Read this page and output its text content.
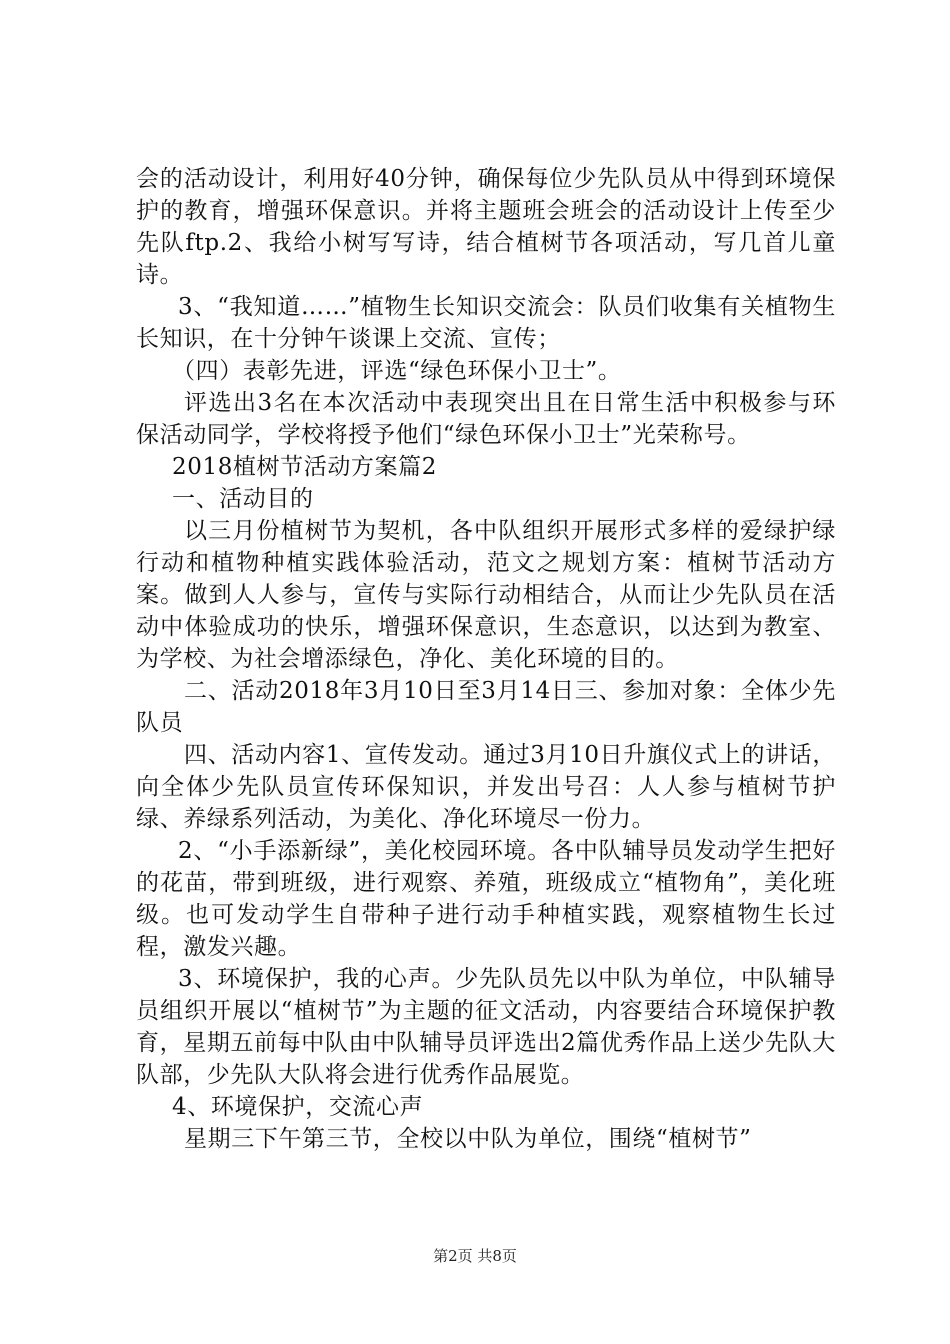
会的活动设计，利用好40分钟，确保每位少先队员从中得到环境保护的教育，增强环保意识。并将主题班会班会的活动设计上传至少先队ftp.2、我给小树写写诗，结合植树节各项活动，写几首儿童诗。

3、“我知道……”植物生长知识交流会：队员们收集有关植物生长知识，在十分钟午谈课上交流、宣传；

（四）表彰先进，评选“绿色环保小卫士”。

评选出3名在本次活动中表现突出且在日常生活中积极参与环保活动同学，学校将授予他们“绿色环保小卫士”光荣称号。

2018植树节活动方案篇2

一、活动目的

以三月份植树节为契机，各中队组织开展形式多样的爱绿护绿行动和植物种植实践体验活动，范文之规划方案：植树节活动方案。做到人人参与，宣传与实际行动相结合，从而让少先队员在活动中体验成功的快乐，增强环保意识，生态意识，以达到为教室、为学校、为社会增添绿色，净化、美化环境的目的。

二、活动2018年3月10日至3月14日三、参加对象：全体少先队员

四、活动内容1、宣传发动。通过3月10日升旗仪式上的讲话，向全体少先队员宣传环保知识，并发出号召：人人参与植树节护绿、养绿系列活动，为美化、净化环境尽一份力。

2、“小手添新绿”，美化校园环境。各中队辅导员发动学生把好的花苗，带到班级，进行观察、养殖，班级成立“植物角”，美化班级。也可发动学生自带种子进行动手种植实践，观察植物生长过程，激发兴趣。

3、环境保护，我的心声。少先队员先以中队为单位，中队辅导员组织开展以“植树节”为主题的征文活动，内容要结合环境保护教育，星期五前每中队由中队辅导员评选出2篇优秀作品上送少先队大队部，少先队大队将会进行优秀作品展览。

4、环境保护，交流心声

星期三下午第三节，全校以中队为单位，围绕“植树节”

第2页 共8页
